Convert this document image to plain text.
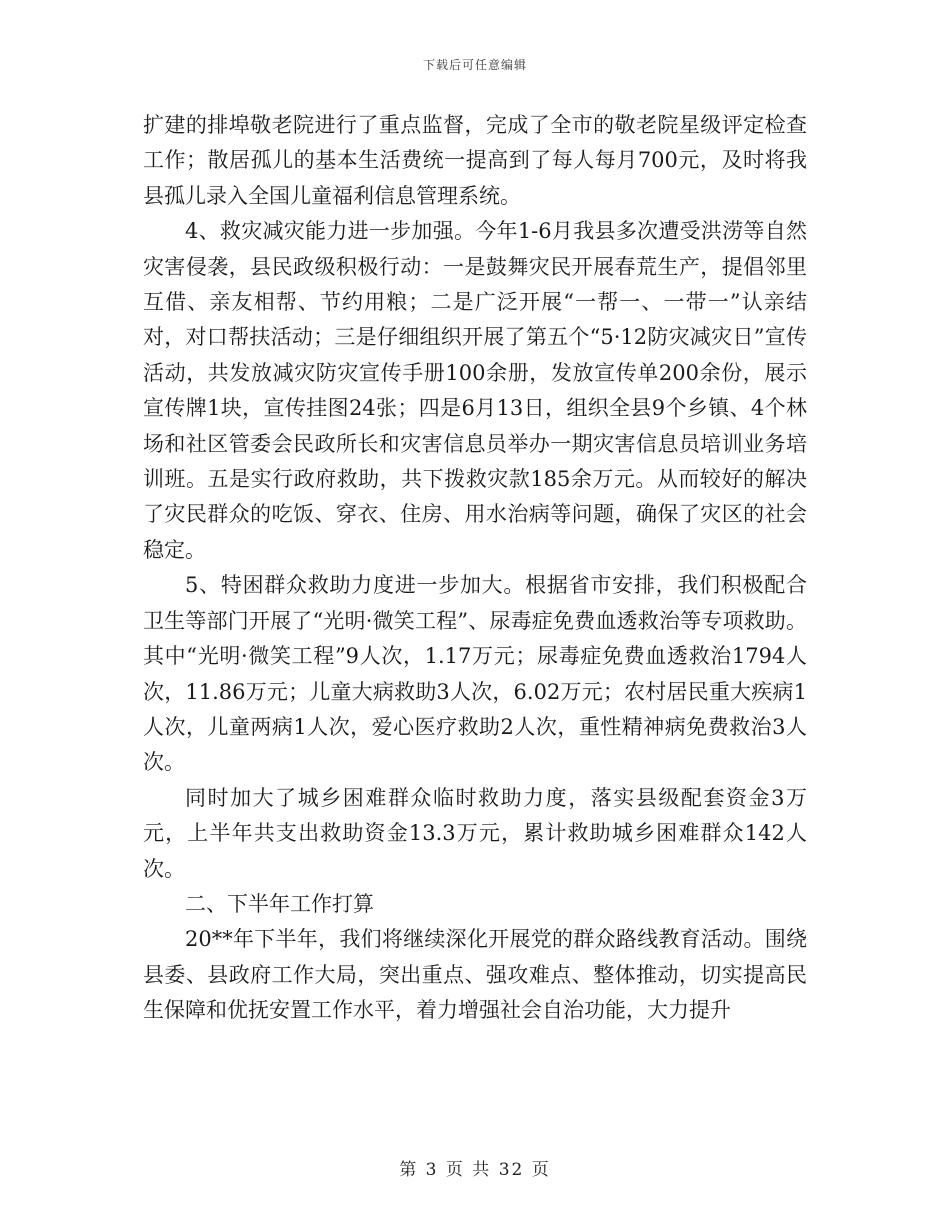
下载后可任意编辑

扩建的排埠敬老院进行了重点监督，完成了全市的敬老院星级评定检查工作；散居孤儿的基本生活费统一提高到了每人每月700元，及时将我县孤儿录入全国儿童福利信息管理系统。

4、救灾减灾能力进一步加强。今年1-6月我县多次遭受洪涝等自然灾害侵袭，县民政级积极行动：一是鼓舞灾民开展春荒生产，提倡邻里互借、亲友相帮、节约用粮；二是广泛开展“一帮一、一带一”认亲结对，对口帮扶活动；三是仔细组织开展了第五个“5·12防灾减灾日”宣传活动，共发放减灾防灾宣传手册100余册，发放宣传单200余份，展示宣传牌1块，宣传挂图24张；四是6月13日，组织全县9个乡镇、4个林场和社区管委会民政所长和灾害信息员举办一期灾害信息员培训业务培训班。五是实行政府救助，共下拨救灾款185余万元。从而较好的解决了灾民群众的吃饭、穿衣、住房、用水治病等问题，确保了灾区的社会稳定。

5、特困群众救助力度进一步加大。根据省市安排，我们积极配合卫生等部门开展了“光明·微笑工程”、尿毒症免费血透救治等专项救助。其中“光明·微笑工程”9人次，1.17万元；尿毒症免费血透救治1794人次，11.86万元；儿童大病救助3人次，6.02万元；农村居民重大疾病1人次，儿童两病1人次，爱心医疗救助2人次，重性精神病免费救治3人次。

同时加大了城乡困难群众临时救助力度，落实县级配套资金3万元，上半年共支出救助资金13.3万元，累计救助城乡困难群众142人次。

二、下半年工作打算

20**年下半年，我们将继续深化开展党的群众路线教育活动。围绕县委、县政府工作大局，突出重点、强攻难点、整体推动，切实提高民生保障和优抚安置工作水平，着力增强社会自治功能，大力提升

第 3 页 共 32 页
